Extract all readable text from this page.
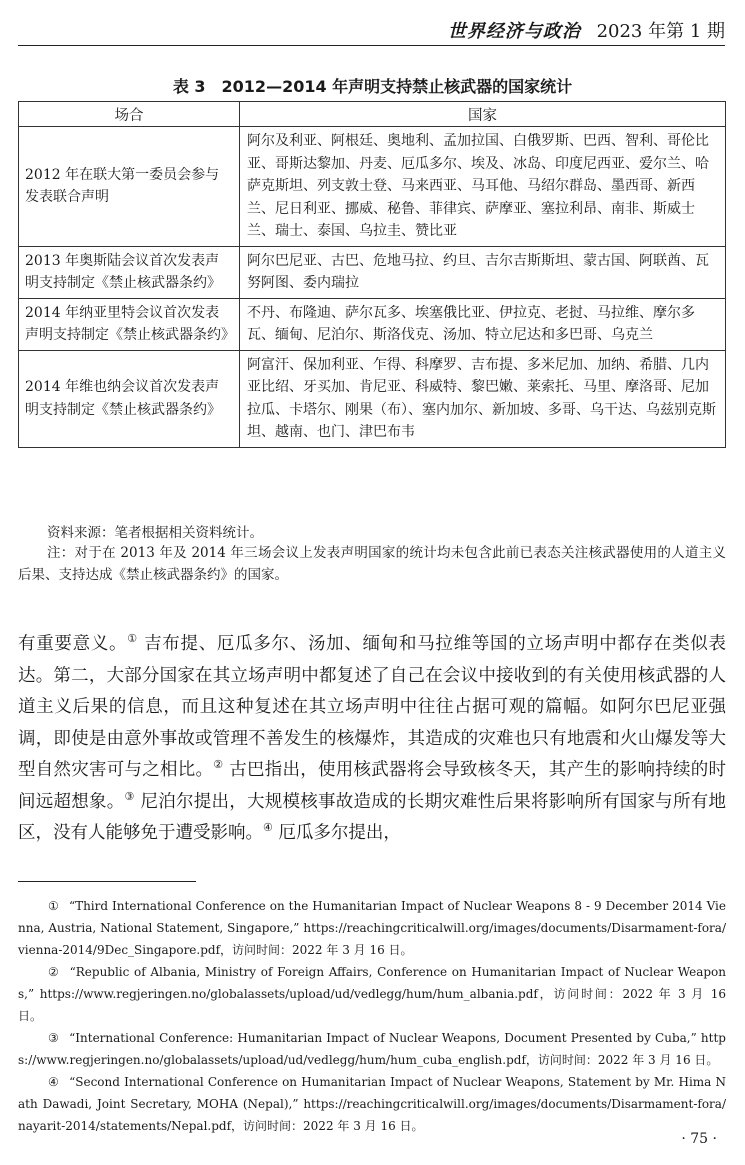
世界经济与政治 2023 年第 1 期
表 3　2012—2014 年声明支持禁止核武器的国家统计
场合	国家
2012 年在联大第一委员会参与发表联合声明	阿尔及利亚、阿根廷、奥地利、孟加拉国、白俄罗斯、巴西、智利、哥伦比亚、哥斯达黎加、丹麦、厄瓜多尔、埃及、冰岛、印度尼西亚、爱尔兰、哈萨克斯坦、列支敦士登、马来西亚、马耳他、马绍尔群岛、墨西哥、新西兰、尼日利亚、挪威、秘鲁、菲律宾、萨摩亚、塞拉利昂、南非、斯威士兰、瑞士、泰国、乌拉圭、赞比亚
2013 年奥斯陆会议首次发表声明支持制定《禁止核武器条约》	阿尔巴尼亚、古巴、危地马拉、约旦、吉尔吉斯斯坦、蒙古国、阿联酋、瓦努阿图、委内瑞拉
2014 年纳亚里特会议首次发表声明支持制定《禁止核武器条约》	不丹、布隆迪、萨尔瓦多、埃塞俄比亚、伊拉克、老挝、马拉维、摩尔多瓦、缅甸、尼泊尔、斯洛伐克、汤加、特立尼达和多巴哥、乌克兰
2014 年维也纳会议首次发表声明支持制定《禁止核武器条约》	阿富汗、保加利亚、乍得、科摩罗、吉布提、多米尼加、加纳、希腊、几内亚比绍、牙买加、肯尼亚、科威特、黎巴嫩、莱索托、马里、摩洛哥、尼加拉瓜、卡塔尔、刚果（布）、塞内加尔、新加坡、多哥、乌干达、乌兹别克斯坦、越南、也门、津巴布韦
资料来源：笔者根据相关资料统计。
注：对于在 2013 年及 2014 年三场会议上发表声明国家的统计均未包含此前已表态关注核武器使用的人道主义后果、支持达成《禁止核武器条约》的国家。
有重要意义。① 吉布提、厄瓜多尔、汤加、缅甸和马拉维等国的立场声明中都存在类似表达。第二，大部分国家在其立场声明中都复述了自己在会议中接收到的有关使用核武器的人道主义后果的信息，而且这种复述在其立场声明中往往占据可观的篇幅。如阿尔巴尼亚强调，即使是由意外事故或管理不善发生的核爆炸，其造成的灾难也只有地震和火山爆发等大型自然灾害可与之相比。② 古巴指出，使用核武器将会导致核冬天，其产生的影响持续的时间远超想象。③ 尼泊尔提出，大规模核事故造成的长期灾难性后果将影响所有国家与所有地区，没有人能够免于遭受影响。④ 厄瓜多尔提出，

① “Third International Conference on the Humanitarian Impact of Nuclear Weapons 8 - 9 December 2014 Vienna, Austria, National Statement, Singapore,” https://reachingcriticalwill.org/images/documents/Disarmament-fora/vienna-2014/9Dec_Singapore.pdf，访问时间：2022 年 3 月 16 日。

② “Republic of Albania, Ministry of Foreign Affairs, Conference on Humanitarian Impact of Nuclear Weapons,” https://www.regjeringen.no/globalassets/upload/ud/vedlegg/hum/hum_albania.pdf，访问时间：2022 年 3 月 16 日。

③ “International Conference: Humanitarian Impact of Nuclear Weapons, Document Presented by Cuba,” https://www.regjeringen.no/globalassets/upload/ud/vedlegg/hum/hum_cuba_english.pdf，访问时间：2022 年 3 月 16 日。

④ “Second International Conference on Humanitarian Impact of Nuclear Weapons, Statement by Mr. Hima Nath Dawadi, Joint Secretary, MOHA (Nepal),” https://reachingcriticalwill.org/images/documents/Disarmament-fora/nayarit-2014/statements/Nepal.pdf，访问时间：2022 年 3 月 16 日。

· 75 ·
